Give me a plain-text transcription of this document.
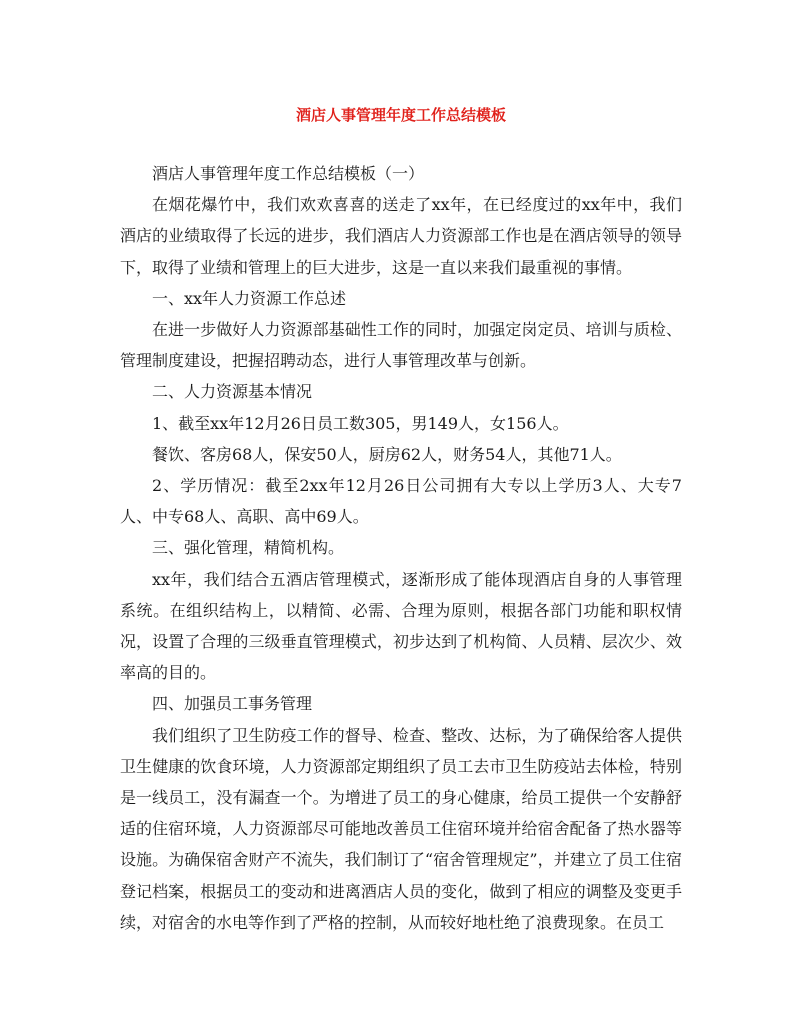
酒店人事管理年度工作总结模板

酒店人事管理年度工作总结模板（一）

在烟花爆竹中，我们欢欢喜喜的送走了xx年，在已经度过的xx年中，我们酒店的业绩取得了长远的进步，我们酒店人力资源部工作也是在酒店领导的领导下，取得了业绩和管理上的巨大进步，这是一直以来我们最重视的事情。

一、xx年人力资源工作总述

在进一步做好人力资源部基础性工作的同时，加强定岗定员、培训与质检、管理制度建设，把握招聘动态，进行人事管理改革与创新。

二、人力资源基本情况

1、截至xx年12月26日员工数305，男149人，女156人。

餐饮、客房68人，保安50人，厨房62人，财务54人，其他71人。

2、学历情况：截至2xx年12月26日公司拥有大专以上学历3人、大专7人、中专68人、高职、高中69人。

三、强化管理，精简机构。

xx年，我们结合五酒店管理模式，逐渐形成了能体现酒店自身的人事管理系统。在组织结构上，以精简、必需、合理为原则，根据各部门功能和职权情况，设置了合理的三级垂直管理模式，初步达到了机构简、人员精、层次少、效率高的目的。

四、加强员工事务管理

我们组织了卫生防疫工作的督导、检查、整改、达标，为了确保给客人提供卫生健康的饮食环境，人力资源部定期组织了员工去市卫生防疫站去体检，特别是一线员工，没有漏查一个。为增进了员工的身心健康，给员工提供一个安静舒适的住宿环境，人力资源部尽可能地改善员工住宿环境并给宿舍配备了热水器等设施。为确保宿舍财产不流失，我们制订了“宿舍管理规定”，并建立了员工住宿登记档案，根据员工的变动和进离酒店人员的变化，做到了相应的调整及变更手续，对宿舍的水电等作到了严格的控制，从而较好地杜绝了浪费现象。在员工
